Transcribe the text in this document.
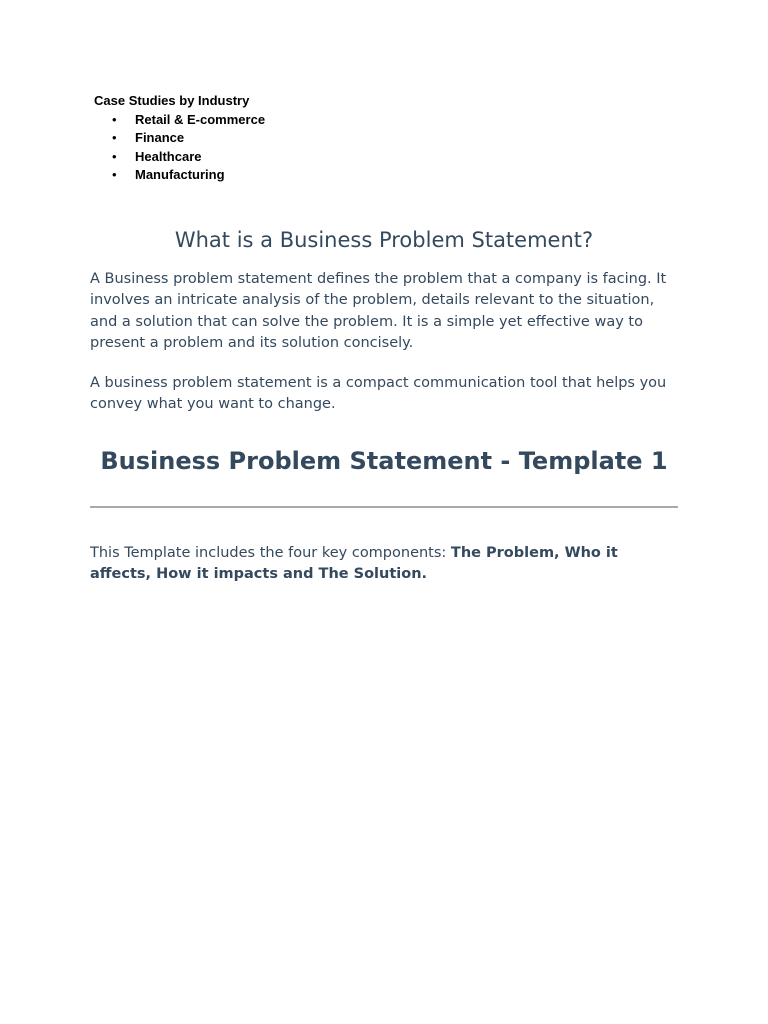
Case Studies by Industry

• Retail & E-commerce
• Finance
• Healthcare
• Manufacturing
What is a Business Problem Statement?

A Business problem statement defines the problem that a company is facing. It involves an intricate analysis of the problem, details relevant to the situation, and a solution that can solve the problem. It is a simple yet effective way to present a problem and its solution concisely.

A business problem statement is a compact communication tool that helps you convey what you want to change.

Business Problem Statement - Template 1

This Template includes the four key components: The Problem, Who it affects, How it impacts and The Solution.
